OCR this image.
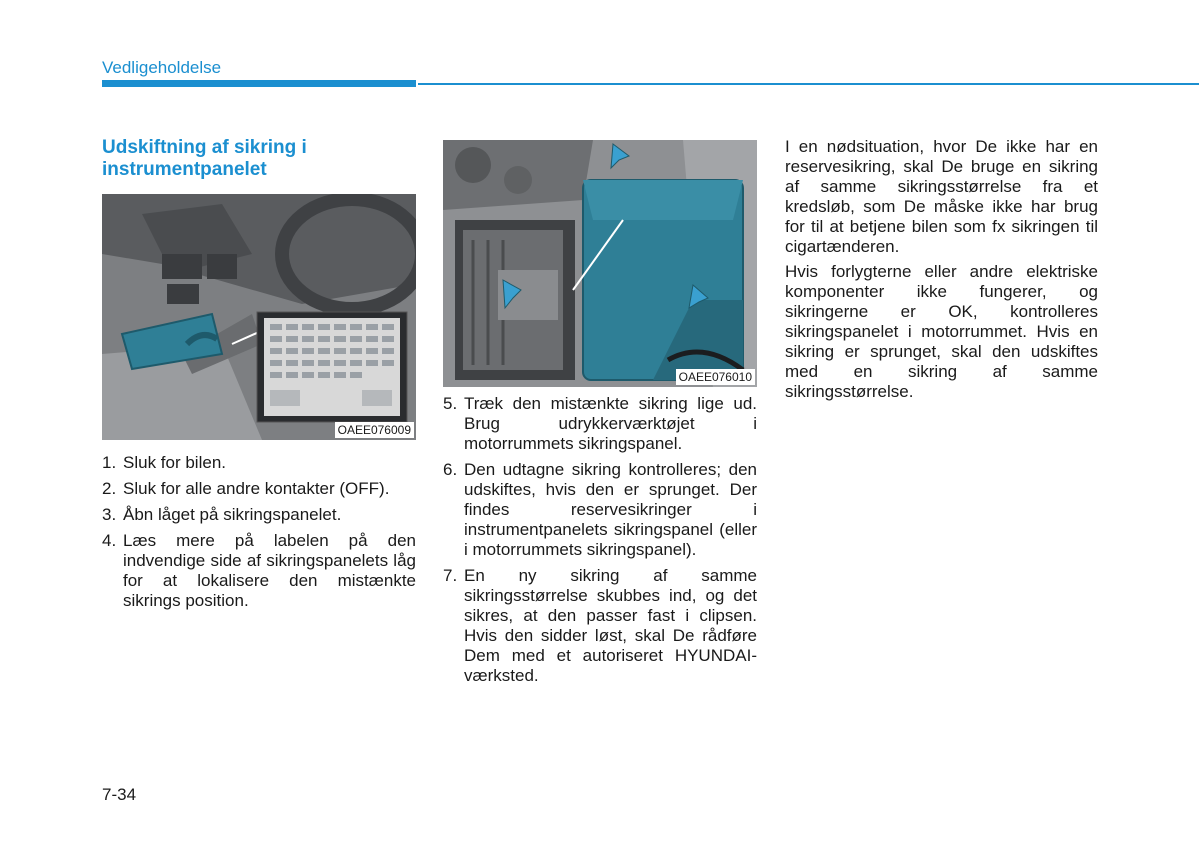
Vedligeholdelse
Udskiftning af sikring i instrumentpanelet
OAEE076009
OAEE076010
1. Sluk for bilen.
2. Sluk for alle andre kontakter (OFF).
3. Åbn låget på sikringspanelet.
4. Læs mere på labelen på den indvendige side af sikringspanelets låg for at lokalisere den mistænkte sikrings position.
5. Træk den mistænkte sikring lige ud. Brug udrykkerværktøjet i motorrummets sikringspanel.
6. Den udtagne sikring kontrolleres; den udskiftes, hvis den er sprunget. Der findes reservesikringer i instrumentpanelets sikringspanel (eller i motorrummets sikringspanel).
7. En ny sikring af samme sikringsstørrelse skubbes ind, og det sikres, at den passer fast i clipsen. Hvis den sidder løst, skal De rådføre Dem med et autoriseret HYUNDAI-værksted.

I en nødsituation, hvor De ikke har en reservesikring, skal De bruge en sikring af samme sikringsstørrelse fra et kredsløb, som De måske ikke har brug for til at betjene bilen som fx sikringen til cigartænderen.

Hvis forlygterne eller andre elektriske komponenter ikke fungerer, og sikringerne er OK, kontrolleres sikringspanelet i motorrummet. Hvis en sikring er sprunget, skal den udskiftes med en sikring af samme sikringsstørrelse.

7-34
